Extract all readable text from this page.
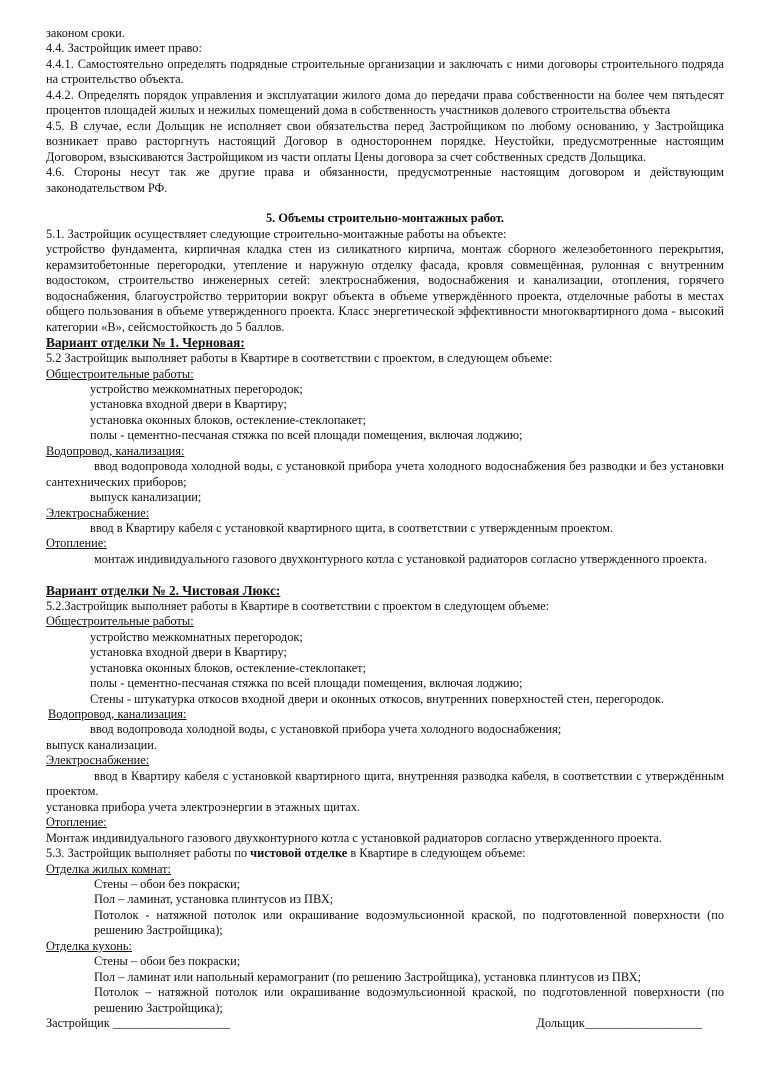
законом сроки.

4.4. Застройщик имеет право:

4.4.1. Самостоятельно определять подрядные строительные организации и заключать с ними договоры строительного подряда на строительство объекта.

4.4.2. Определять порядок управления и эксплуатации жилого дома до передачи права собственности на более чем пятьдесят процентов площадей жилых и нежилых помещений дома в собственность участников долевого строительства объекта

4.5. В случае, если Дольщик не исполняет свои обязательства перед Застройщиком по любому основанию, у Застройщика возникает право расторгнуть настоящий Договор в одностороннем порядке. Неустойки, предусмотренные настоящим Договором, взыскиваются Застройщиком из части оплаты Цены договора за счет собственных средств Дольщика.

4.6. Стороны несут так же другие права и обязанности, предусмотренные настоящим договором и действующим законодательством РФ.

5. Объемы строительно-монтажных работ.

5.1. Застройщик осуществляет следующие строительно-монтажные работы на объекте:

устройство фундамента, кирпичная кладка стен из силикатного кирпича, монтаж сборного железобетонного перекрытия, керамзитобетонные перегородки, утепление и наружную отделку фасада, кровля совмещённая, рулонная с внутренним водостоком, строительство инженерных сетей: электроснабжения, водоснабжения и канализации, отопления, горячего водоснабжения, благоустройство территории вокруг объекта в объеме утверждённого проекта, отделочные работы в местах общего пользования в объеме утвержденного проекта. Класс энергетической эффективности многоквартирного дома - высокий категории «В», сейсмостойкость до 5 баллов.

Вариант отделки № 1. Черновая:

5.2 Застройщик выполняет работы в Квартире в соответствии с проектом, в следующем объеме:

Общестроительные работы:

устройство межкомнатных перегородок;

установка входной двери в Квартиру;

установка оконных блоков, остекление-стеклопакет;

полы - цементно-песчаная стяжка по всей площади помещения, включая лоджию;

Водопровод, канализация:

ввод водопровода холодной воды, с установкой прибора учета холодного водоснабжения без разводки и без установки сантехнических приборов;

выпуск канализации;

Электроснабжение:

ввод в Квартиру кабеля с установкой квартирного щита, в соответствии с утвержденным проектом.

Отопление:

монтаж индивидуального газового двухконтурного котла с установкой радиаторов согласно утвержденного проекта.

Вариант отделки № 2. Чистовая Люкс:

5.2.Застройщик выполняет работы в Квартире в соответствии с проектом в следующем объеме:

Общестроительные работы:

устройство межкомнатных перегородок;

установка входной двери в Квартиру;

установка оконных блоков, остекление-стеклопакет;

полы - цементно-песчаная стяжка по всей площади помещения, включая лоджию;

Стены - штукатурка откосов входной двери и оконных откосов, внутренних поверхностей стен, перегородок.

Водопровод, канализация:

ввод водопровода холодной воды, с установкой прибора учета холодного водоснабжения;

выпуск канализации.

Электроснабжение:

ввод в Квартиру кабеля с установкой квартирного щита, внутренняя разводка кабеля, в соответствии с утверждённым проектом.

установка прибора учета электроэнергии в этажных щитах.

Отопление:

Монтаж индивидуального газового двухконтурного котла с установкой радиаторов согласно утвержденного проекта.

5.3. Застройщик выполняет работы по чистовой отделке в Квартире в следующем объеме:

Отделка жилых комнат:

Стены – обои без покраски;

Пол – ламинат, установка плинтусов из ПВХ;

Потолок - натяжной потолок или окрашивание водоэмульсионной краской, по подготовленной поверхности (по решению Застройщика);

Отделка кухонь:

Стены – обои без покраски;

Пол – ламинат или напольный керамогранит (по решению Застройщика), установка плинтусов из ПВХ;

Потолок – натяжной потолок или окрашивание водоэмульсионной краской, по подготовленной поверхности (по решению Застройщика);

Застройщик ___________________	Дольщик___________________
